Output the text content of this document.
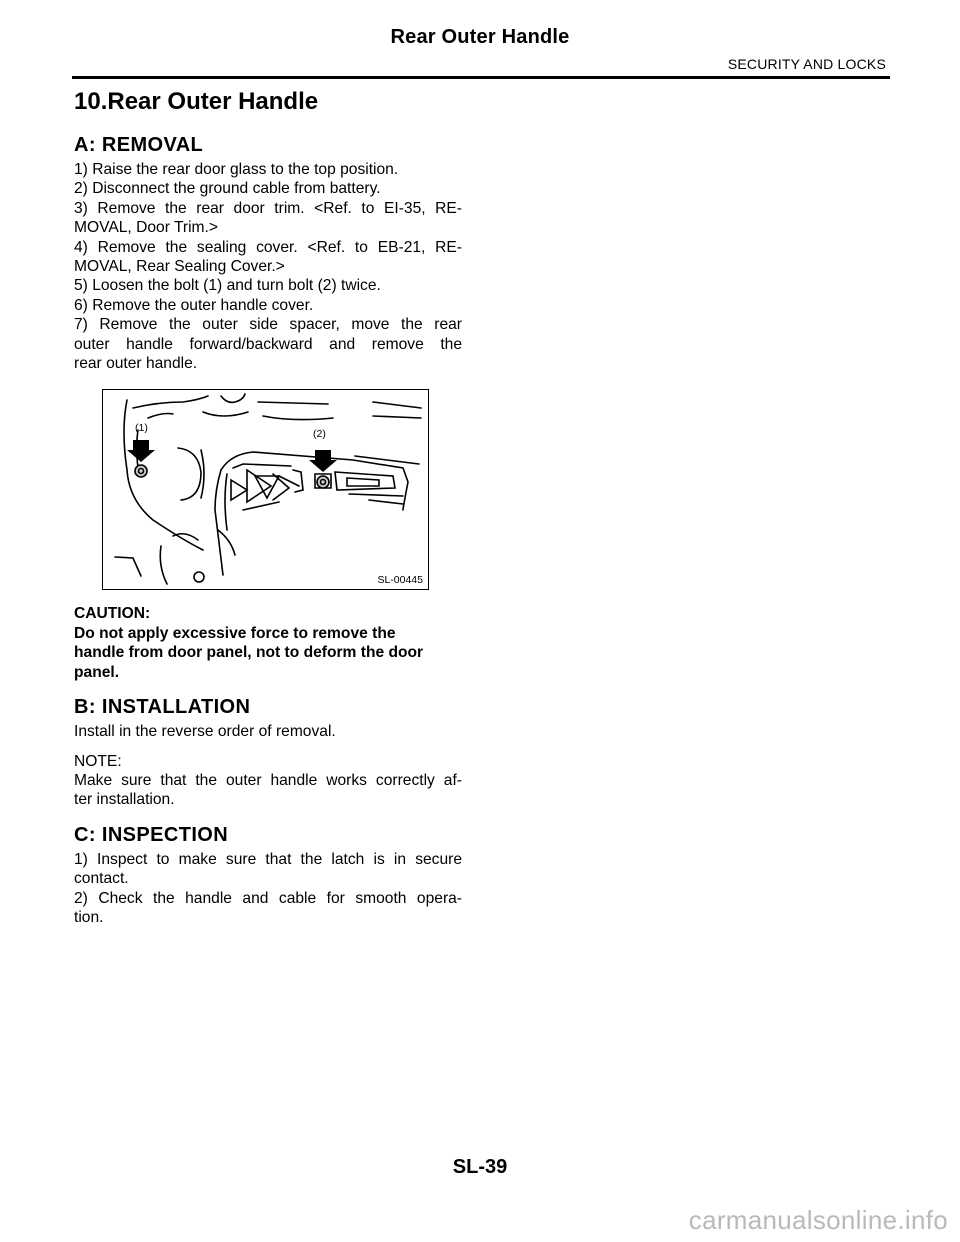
Rear Outer Handle
SECURITY AND LOCKS
10.Rear Outer Handle
A: REMOVAL
1) Raise the rear door glass to the top position.
2) Disconnect the ground cable from battery.
3) Remove the rear door trim. <Ref. to EI-35, RE-
MOVAL, Door Trim.>
4) Remove the sealing cover. <Ref. to EB-21, RE-
MOVAL, Rear Sealing Cover.>
5) Loosen the bolt (1) and turn bolt (2) twice.
6) Remove the outer handle cover.
7) Remove the outer side spacer, move the rear
outer handle forward/backward and remove the
rear outer handle.
(1)	(2)
SL-00445
CAUTION:
Do not apply excessive force to remove the
handle from door panel, not to deform the door
panel.
B: INSTALLATION
Install in the reverse order of removal.
NOTE:
Make sure that the outer handle works correctly af-
ter installation.
C: INSPECTION
1) Inspect to make sure that the latch is in secure
contact.
2) Check the handle and cable for smooth opera-
tion.
SL-39
carmanualsonline.info
